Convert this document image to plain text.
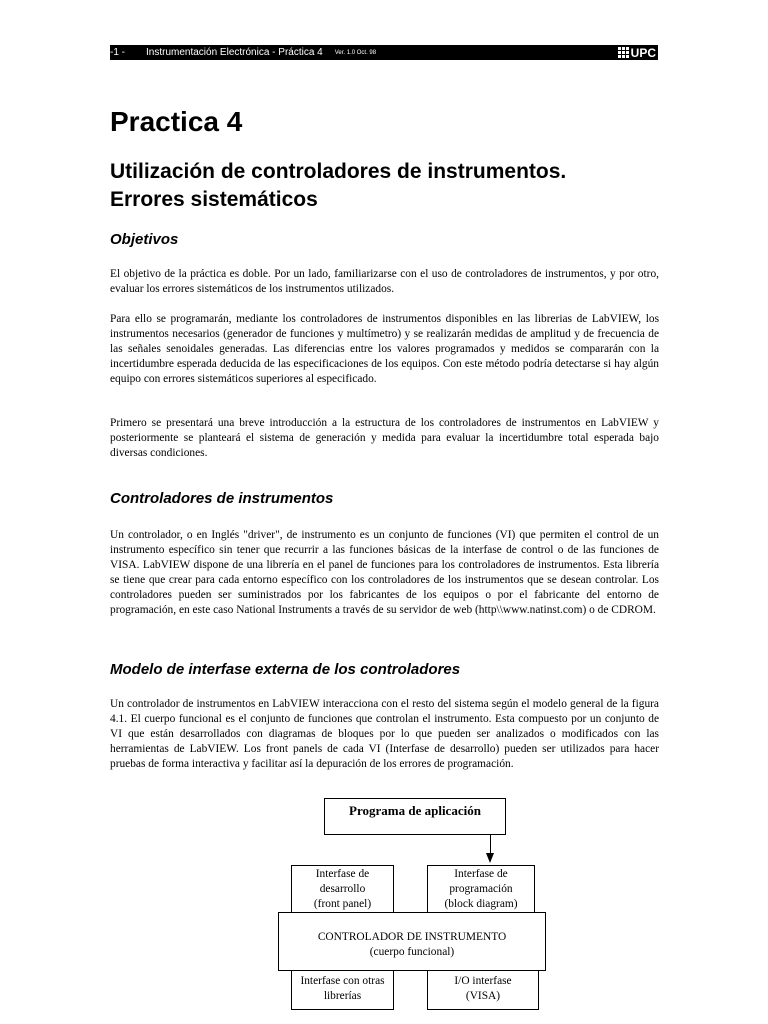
-1 -	Instrumentación Electrónica - Práctica 4 Ver. 1.0 Oct. 98	UPC
Practica 4
Utilización de controladores de instrumentos.
Errores sistemáticos
Objetivos

El objetivo de la práctica es doble. Por un lado, familiarizarse con el uso de controladores de instrumentos, y por otro, evaluar los errores sistemáticos de los instrumentos utilizados.

Para ello se programarán, mediante los controladores de instrumentos disponibles en las librerias de LabVIEW, los instrumentos necesarios (generador de funciones y multímetro) y se realizarán medidas de amplitud y de frecuencia de las señales senoidales generadas. Las diferencias entre los valores programados y medidos se compararán con la incertidumbre esperada deducida de las especificaciones de los equipos. Con este método podría detectarse si hay algún equipo con errores sistemáticos superiores al especificado.

Primero se presentará una breve introducción a la estructura de los controladores de instrumentos en LabVIEW y posteriormente se planteará el sistema de generación y medida para evaluar la incertidumbre total esperada bajo diversas condiciones.

Controladores de instrumentos

Un controlador, o en Inglés "driver", de instrumento es un conjunto de funciones (VI) que permiten el control de un instrumento específico sin tener que recurrir a las funciones básicas de la interfase de control o de las funciones de VISA. LabVIEW dispone de una librería en el panel de funciones para los controladores de instrumentos. Esta librería se tiene que crear para cada entorno específico con los controladores de los instrumentos que se desean controlar. Los controladores pueden ser suministrados por los fabricantes de los equipos o por el fabricante del entorno de programación, en este caso National Instruments a través de su servidor de web (http\\www.natinst.com) o de CDROM.

Modelo de interfase externa de los controladores

Un controlador de instrumentos en LabVIEW interacciona con el resto del sistema según el modelo general de la figura 4.1. El cuerpo funcional es el conjunto de funciones que controlan el instrumento. Esta compuesto por un conjunto de VI que están desarrollados con diagramas de bloques por lo que pueden ser analizados o modificados con las herramientas de LabVIEW. Los front panels de cada VI (Interfase de desarrollo) pueden ser utilizados para hacer pruebas de forma interactiva y facilitar así la depuración de los errores de programación.

Programa de aplicación
Interfase de
desarrollo
(front panel)
Interfase de
programación
(block diagram)
CONTROLADOR DE INSTRUMENTO
(cuerpo funcional)
Interfase con otras
librerías
I/O interfase
(VISA)
